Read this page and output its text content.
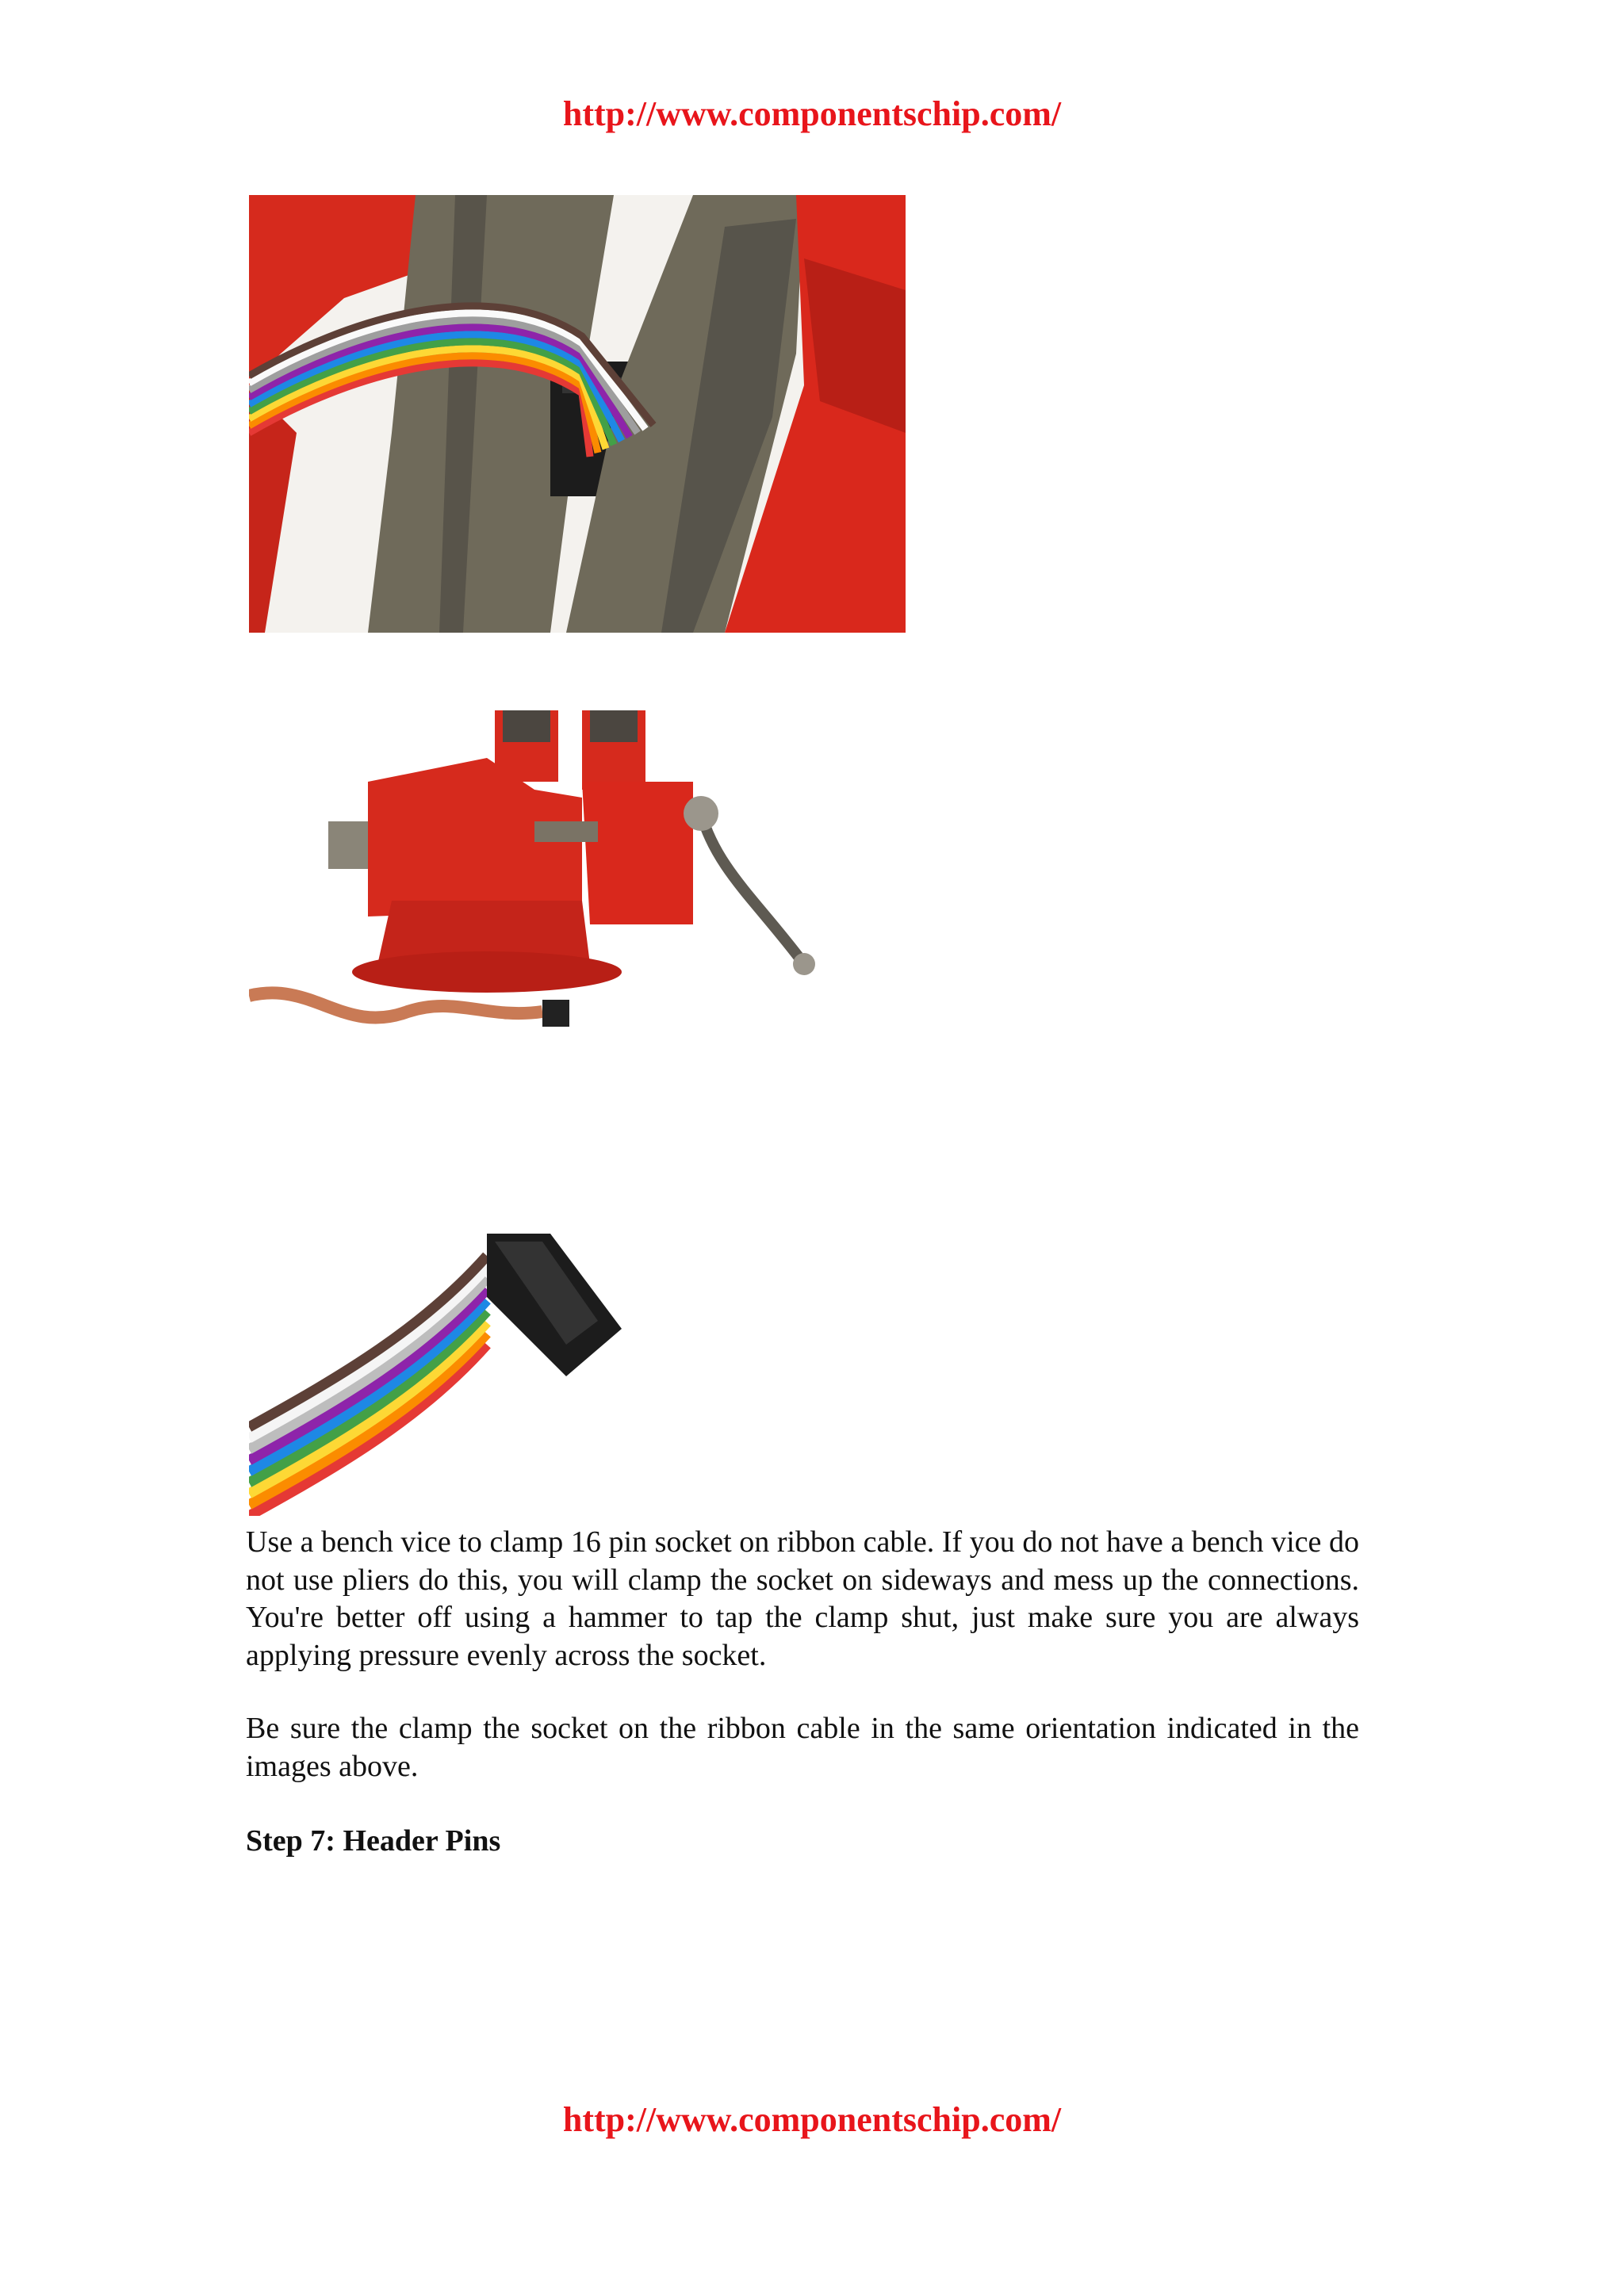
http://www.componentschip.com/

Use a bench vice to clamp 16 pin socket on ribbon cable. If you do not have a bench vice do not use pliers do this, you will clamp the socket on sideways and mess up the connections. You're better off using a hammer to tap the clamp shut, just make sure you are always applying pressure evenly across the socket.

Be sure the clamp the socket on the ribbon cable in the same orientation indicated in the images above.

Step 7: Header Pins

http://www.componentschip.com/
